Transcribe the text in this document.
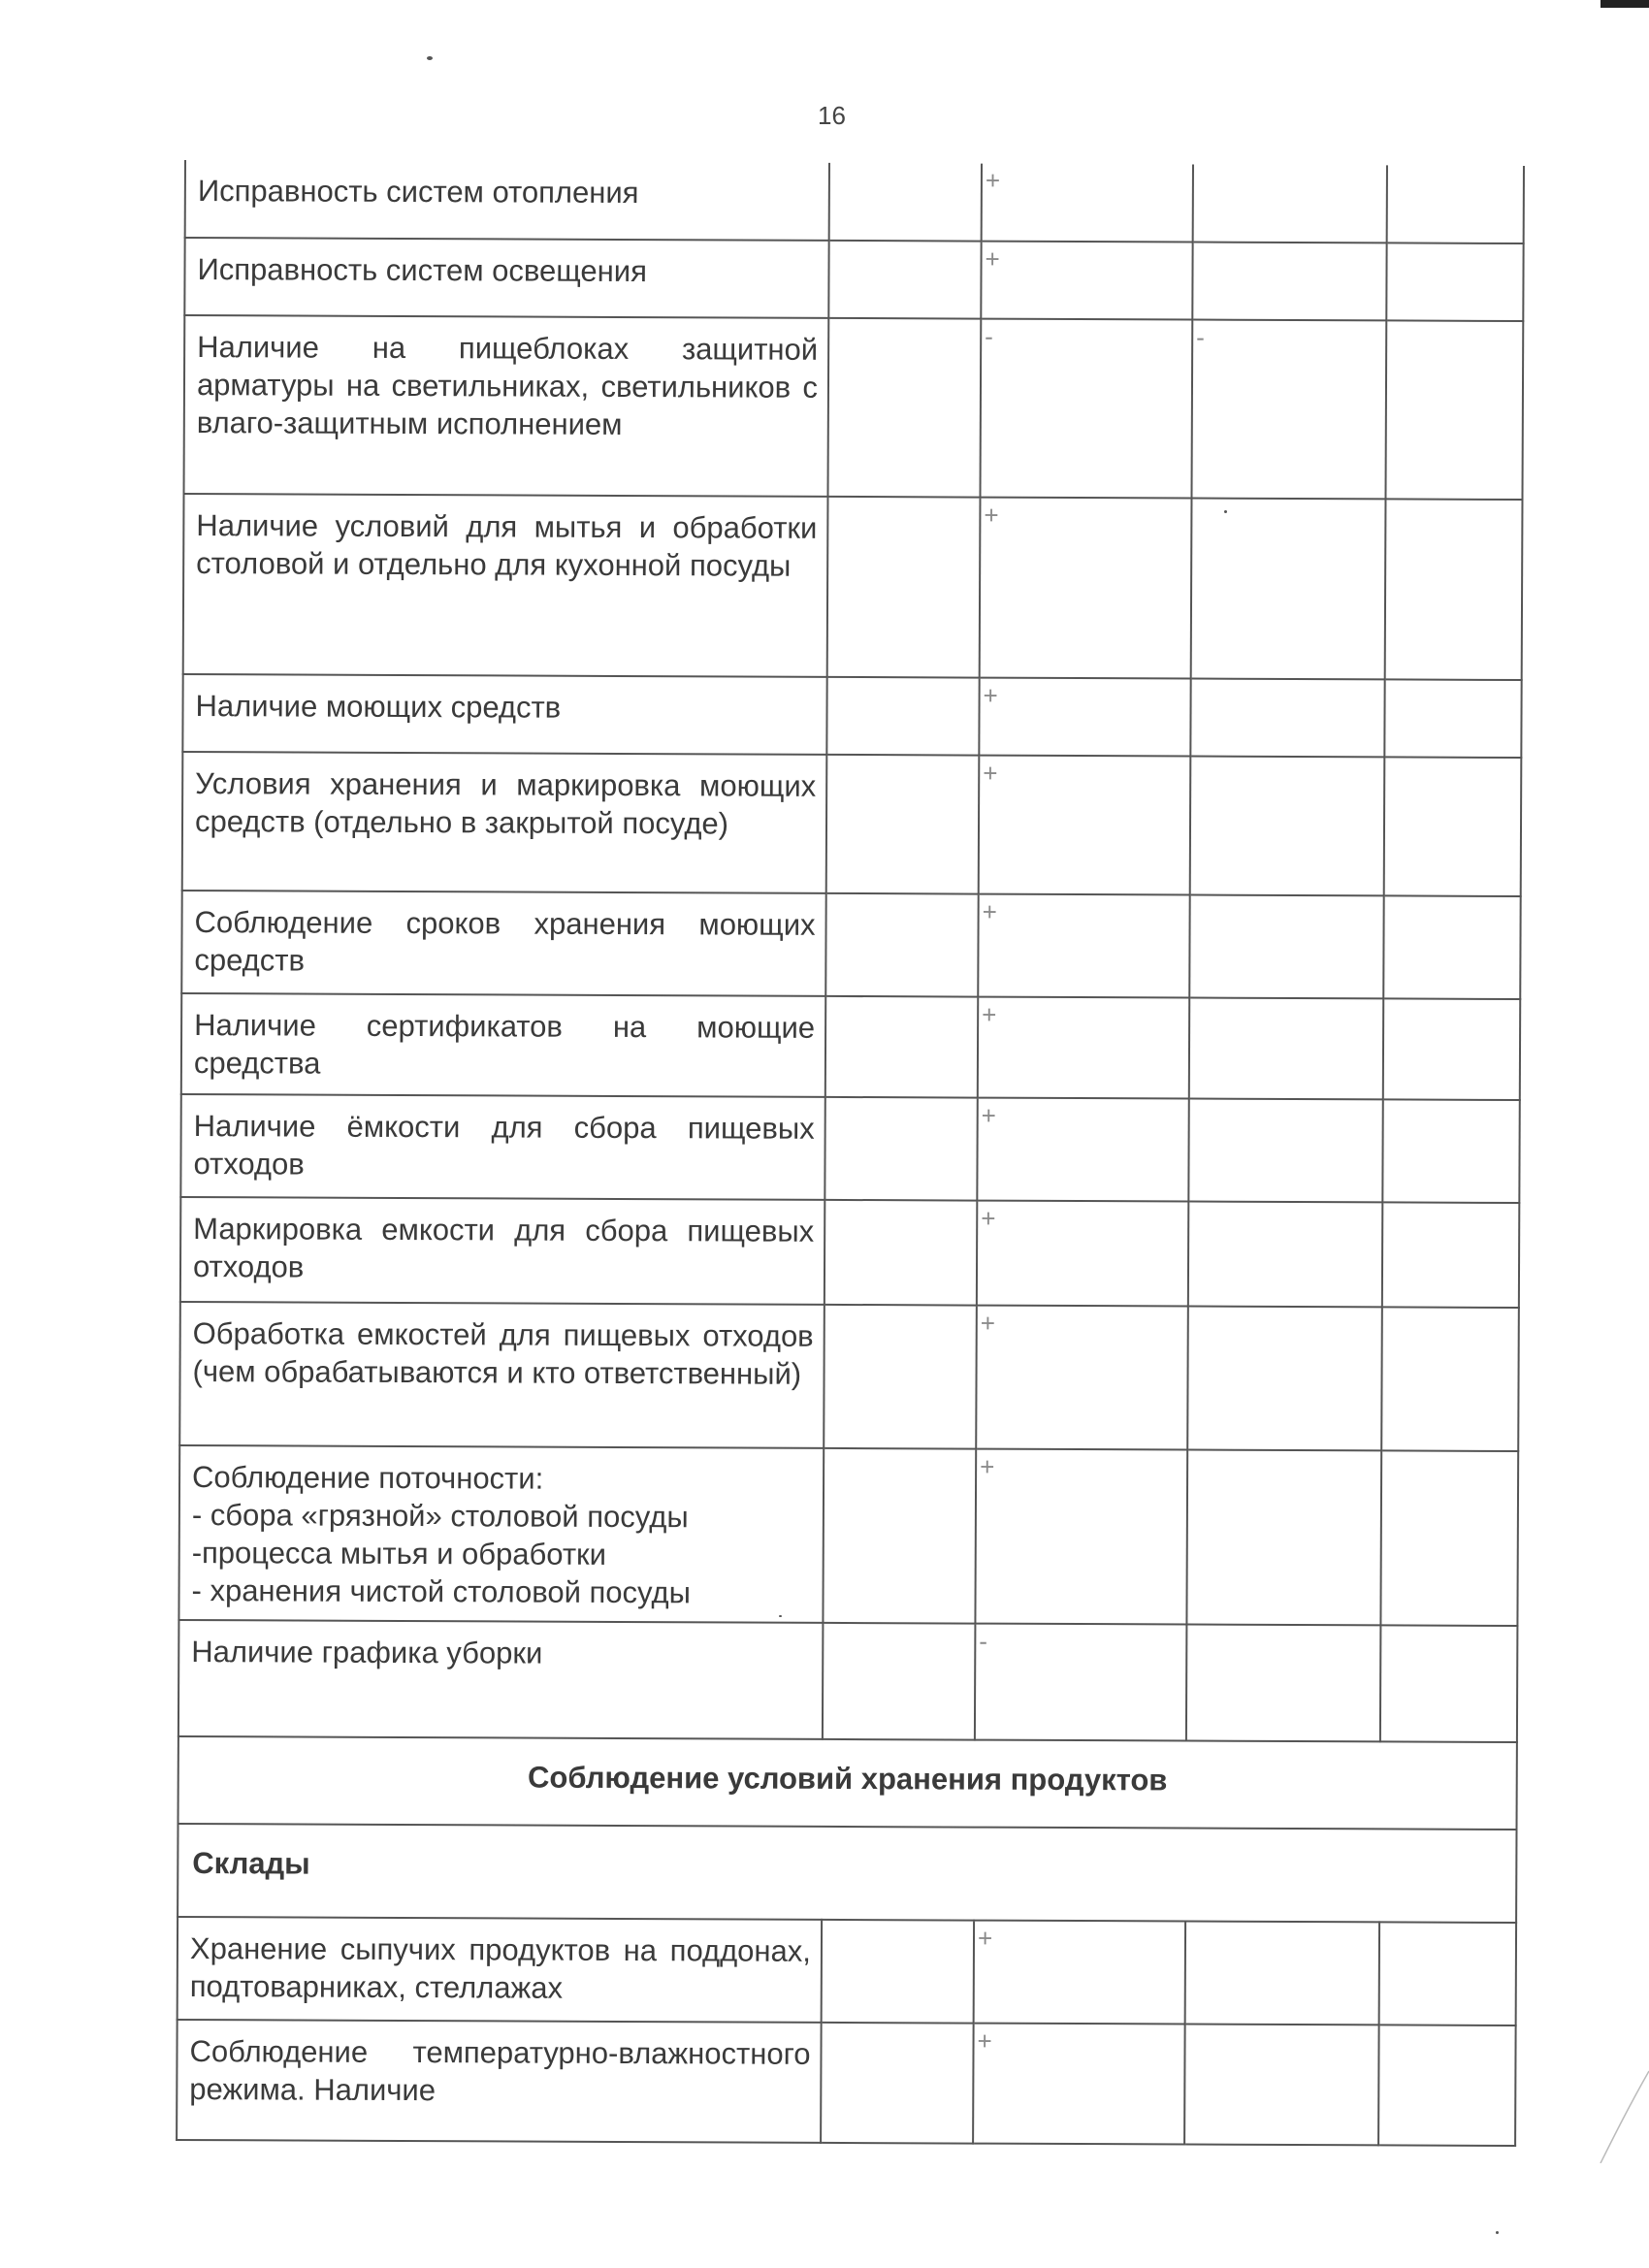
16
Исправность систем отопления		+		
Исправность систем освещения		+		
Наличие на пищеблоках защитной арматуры на светильниках, светильников с влаго-защитным исполнением		-	-	
Наличие условий для мытья и обработки столовой и отдельно для кухонной посуды		+		
Наличие моющих средств		+		
Условия хранения и маркировка моющих средств (отдельно в закрытой посуде)		+		
Соблюдение сроков хранения моющих средств		+		
Наличие сертификатов на моющие средства		+		
Наличие ёмкости для сбора пищевых отходов		+		
Маркировка емкости для сбора пищевых отходов		+		
Обработка емкостей для пищевых отходов (чем обрабатываются и кто ответственный)		+		

Соблюдение поточности:
- сбора «грязной» столовой посуды
-процесса мытья и обработки
- хранения чистой столовой посуды		+		
Наличие графика уборки		-		
Соблюдение условий хранения продуктов				
Склады				
Хранение сыпучих продуктов на поддонах, подтоварниках, стеллажах		+		
Соблюдение температурно-влажностного режима. Наличие		+		
